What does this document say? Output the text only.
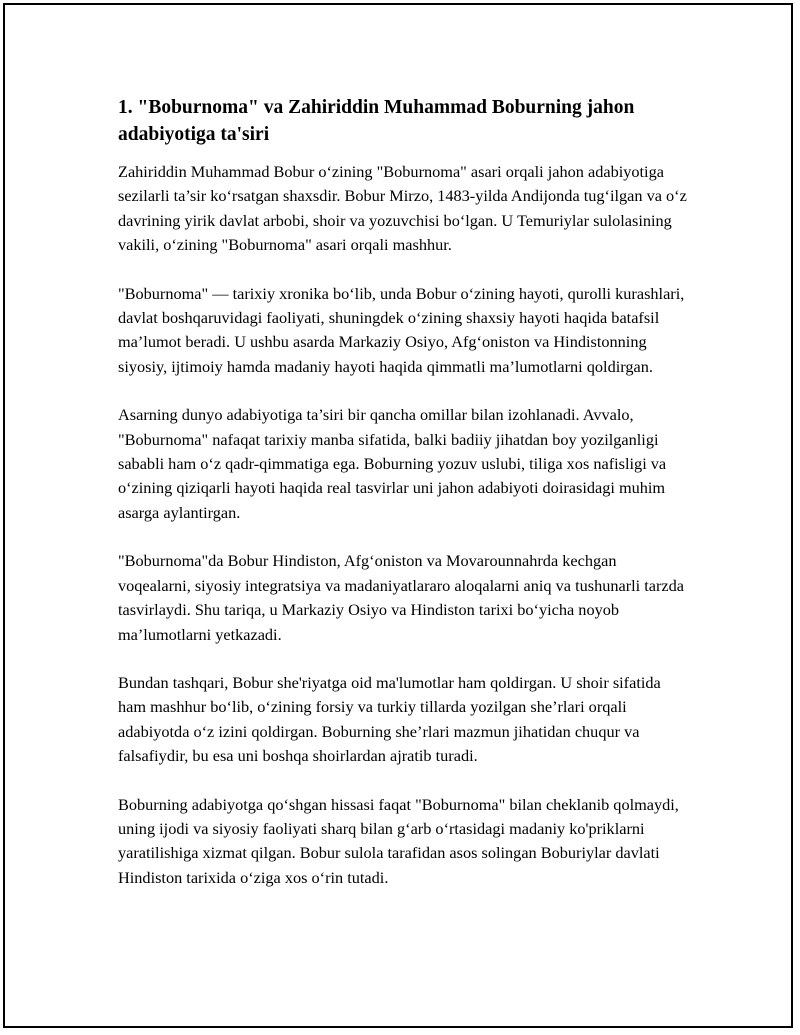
1. "Boburnoma" va Zahiriddin Muhammad Boburning jahon adabiyotiga ta'siri

Zahiriddin Muhammad Bobur o‘zining "Boburnoma" asari orqali jahon adabiyotiga sezilarli ta’sir ko‘rsatgan shaxsdir. Bobur Mirzo, 1483-yilda Andijonda tug‘ilgan va o‘z davrining yirik davlat arbobi, shoir va yozuvchisi bo‘lgan. U Temuriylar sulolasining vakili, o‘zining "Boburnoma" asari orqali mashhur.

"Boburnoma" — tarixiy xronika bo‘lib, unda Bobur o‘zining hayoti, qurolli kurashlari, davlat boshqaruvidagi faoliyati, shuningdek o‘zining shaxsiy hayoti haqida batafsil ma’lumot beradi. U ushbu asarda Markaziy Osiyo, Afg‘oniston va Hindistonning siyosiy, ijtimoiy hamda madaniy hayoti haqida qimmatli ma’lumotlarni qoldirgan.

Asarning dunyo adabiyotiga ta’siri bir qancha omillar bilan izohlanadi. Avvalo, "Boburnoma" nafaqat tarixiy manba sifatida, balki badiiy jihatdan boy yozilganligi sababli ham o‘z qadr-qimmatiga ega. Boburning yozuv uslubi, tiliga xos nafisligi va o‘zining qiziqarli hayoti haqida real tasvirlar uni jahon adabiyoti doirasidagi muhim asarga aylantirgan.

"Boburnoma"da Bobur Hindiston, Afg‘oniston va Movarounnahrda kechgan voqealarni, siyosiy integratsiya va madaniyatlararo aloqalarni aniq va tushunarli tarzda tasvirlaydi. Shu tariqa, u Markaziy Osiyo va Hindiston tarixi bo‘yicha noyob ma’lumotlarni yetkazadi.

Bundan tashqari, Bobur she'riyatga oid ma'lumotlar ham qoldirgan. U shoir sifatida ham mashhur bo‘lib, o‘zining forsiy va turkiy tillarda yozilgan she’rlari orqali adabiyotda o‘z izini qoldirgan. Boburning she’rlari mazmun jihatidan chuqur va falsafiydir, bu esa uni boshqa shoirlardan ajratib turadi.

Boburning adabiyotga qo‘shgan hissasi faqat "Boburnoma" bilan cheklanib qolmaydi, uning ijodi va siyosiy faoliyati sharq bilan g‘arb o‘rtasidagi madaniy ko'priklarni yaratilishiga xizmat qilgan. Bobur sulola tarafidan asos solingan Boburiylar davlati Hindiston tarixida o‘ziga xos o‘rin tutadi.
